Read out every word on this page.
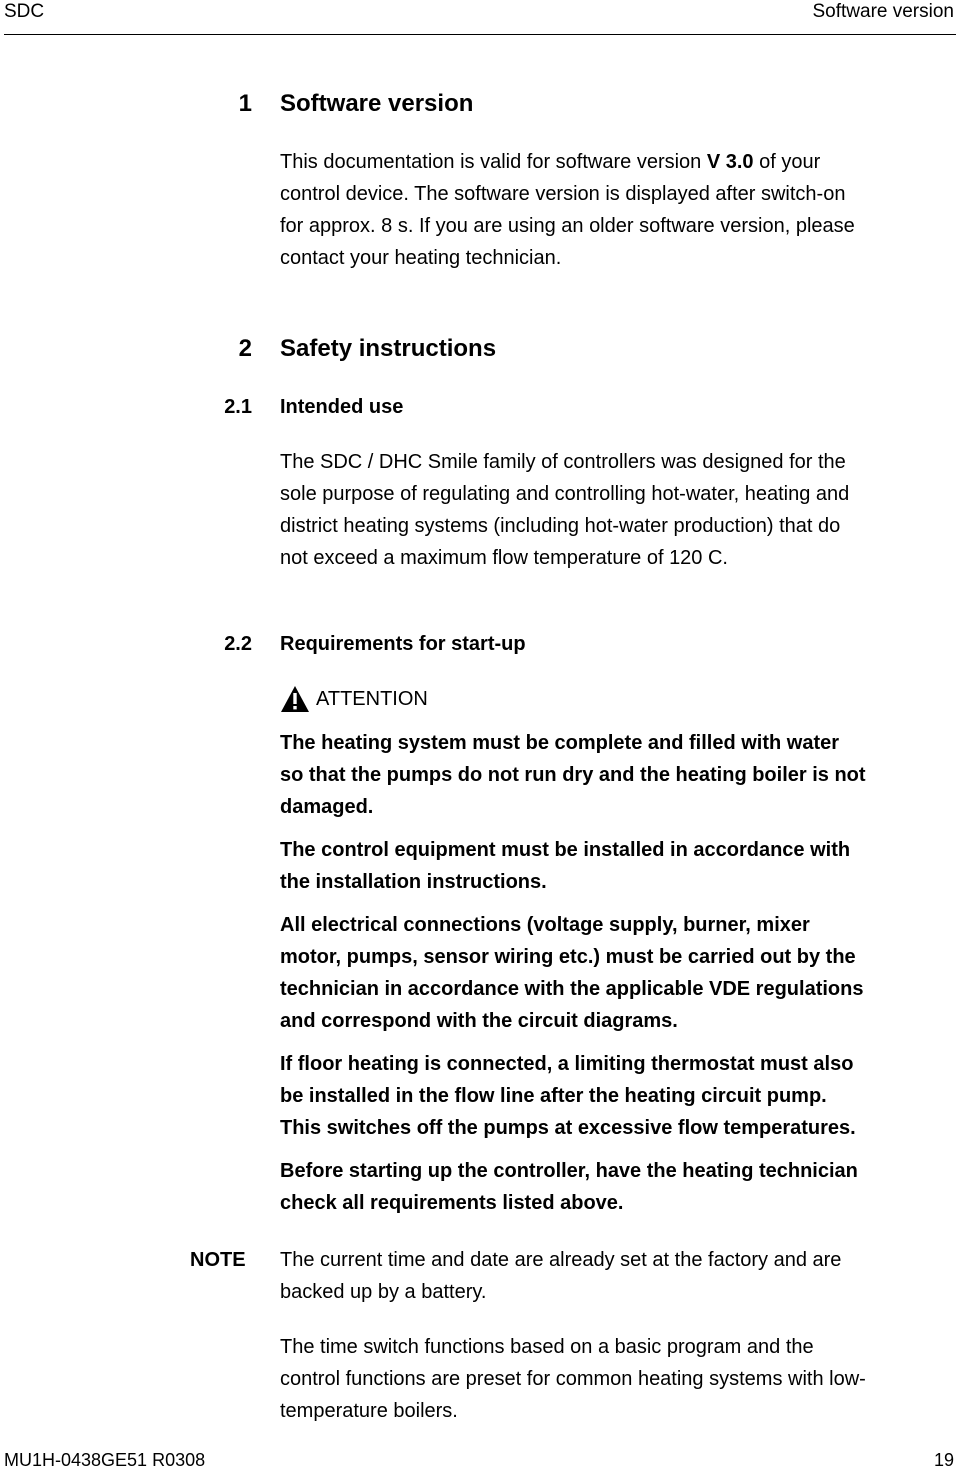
SDC	Software version
1 Software version
This documentation is valid for software version V 3.0 of your
control device. The software version is displayed after switch-on
for approx. 8 s. If you are using an older software version, please
contact your heating technician.
2 Safety instructions
2.1 Intended use
The SDC / DHC Smile family of controllers was designed for the
sole purpose of regulating and controlling hot-water, heating and
district heating systems (including hot-water production) that do
not exceed a maximum flow temperature of 120 C.
2.2 Requirements for start-up
ATTENTION
The heating system must be complete and filled with water
so that the pumps do not run dry and the heating boiler is not
damaged.
The control equipment must be installed in accordance with
the installation instructions.
All electrical connections (voltage supply, burner, mixer
motor, pumps, sensor wiring etc.) must be carried out by the
technician in accordance with the applicable VDE regulations
and correspond with the circuit diagrams.
If floor heating is connected, a limiting thermostat must also
be installed in the flow line after the heating circuit pump.
This switches off the pumps at excessive flow temperatures.
Before starting up the controller, have the heating technician
check all requirements listed above.
NOTE The current time and date are already set at the factory and are
backed up by a battery.
The time switch functions based on a basic program and the
control functions are preset for common heating systems with low-
temperature boilers.
MU1H-0438GE51 R0308	19
